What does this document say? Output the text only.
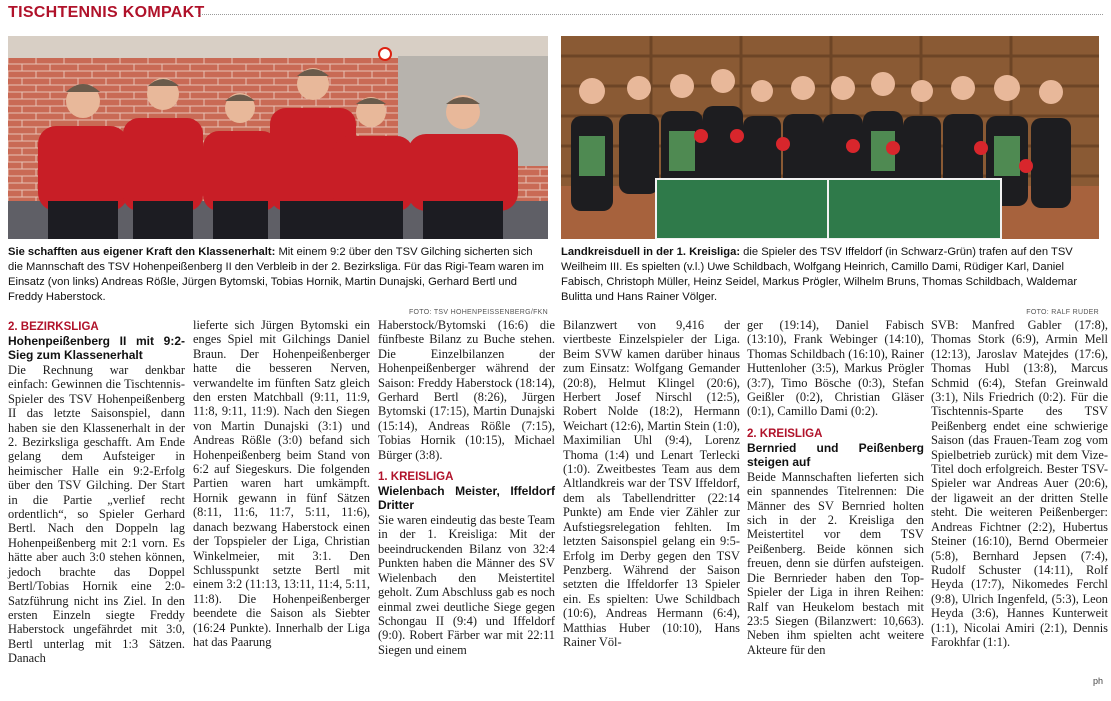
TISCHTENNIS KOMPAKT
Sie schafften aus eigener Kraft den Klassenerhalt: Mit einem 9:2 über den TSV Gilching sicherten sich die Mannschaft des TSV Hohenpeißenberg II den Verbleib in der 2. Bezirksliga. Für das Rigi-Team waren im Einsatz (von links) Andreas Rößle, Jürgen Bytomski, Tobias Hornik, Martin Dunajski, Gerhard Bertl und Freddy Haberstock.
FOTO: TSV HOHENPEISSENBERG/FKN
Landkreisduell in der 1. Kreisliga: die Spieler des TSV Iffeldorf (in Schwarz-Grün) trafen auf den TSV Weilheim III. Es spielten (v.l.) Uwe Schildbach, Wolfgang Heinrich, Camillo Dami, Rüdiger Karl, Daniel Fabisch, Christoph Müller, Heinz Seidel, Markus Prögler, Wilhelm Bruns, Thomas Schildbach, Waldemar Bulitta und Hans Rainer Völger.
FOTO: RALF RUDER
2. BEZIRKSLIGA
Hohenpeißenberg II mit 9:2-Sieg zum Klassenerhalt

Die Rechnung war denkbar einfach: Gewinnen die Tischtennis-Spieler des TSV Hohenpeißenberg II das letzte Saisonspiel, dann haben sie den Klassenerhalt in der 2. Bezirksliga geschafft. Am Ende gelang dem Aufsteiger in heimischer Halle ein 9:2-Erfolg über den TSV Gilching. Der Start in die Partie „verlief recht ordentlich“, so Spieler Gerhard Bertl. Nach den Doppeln lag Hohenpeißenberg mit 2:1 vorn. Es hätte aber auch 3:0 stehen können, jedoch brachte das Doppel Bertl/Tobias Hornik eine 2:0-Satzführung nicht ins Ziel. In den ersten Einzeln siegte Freddy Haberstock ungefährdet mit 3:0, Bertl unterlag mit 1:3 Sätzen. Danach

lieferte sich Jürgen Bytomski ein enges Spiel mit Gilchings Daniel Braun. Der Hohenpeißenberger hatte die besseren Nerven, verwandelte im fünften Satz gleich den ersten Matchball (9:11, 11:9, 11:8, 9:11, 11:9). Nach den Siegen von Martin Dunajski (3:1) und Andreas Rößle (3:0) befand sich Hohenpeißenberg beim Stand von 6:2 auf Siegeskurs. Die folgenden Partien waren hart umkämpft. Hornik gewann in fünf Sätzen (8:11, 11:6, 11:7, 5:11, 11:6), danach bezwang Haberstock einen der Topspieler der Liga, Christian Winkelmeier, mit 3:1. Den Schlusspunkt setzte Bertl mit einem 3:2 (11:13, 13:11, 11:4, 5:11, 11:8). Die Hohenpeißenberger beendete die Saison als Siebter (16:24 Punkte). Innerhalb der Liga hat das Paarung

Haberstock/Bytomski (16:6) die fünfbeste Bilanz zu Buche stehen. Die Einzelbilanzen der Hohenpeißenberger während der Saison: Freddy Haberstock (18:14), Gerhard Bertl (8:26), Jürgen Bytomski (17:15), Martin Dunajski (15:14), Andreas Rößle (7:15), Tobias Hornik (10:15), Michael Bürger (3:8).

1. KREISLIGA
Wielenbach Meister, Iffeldorf Dritter

Sie waren eindeutig das beste Team in der 1. Kreisliga: Mit der beeindruckenden Bilanz von 32:4 Punkten haben die Männer des SV Wielenbach den Meistertitel geholt. Zum Abschluss gab es noch einmal zwei deutliche Siege gegen Schongau II (9:4) und Iffeldorf (9:0). Robert Färber war mit 22:11 Siegen und einem

Bilanzwert von 9,416 der viertbeste Einzelspieler der Liga. Beim SVW kamen darüber hinaus zum Einsatz: Wolfgang Gemander (20:8), Helmut Klingel (20:6), Herbert Josef Nirschl (12:5), Robert Nolde (18:2), Hermann Weichart (12:6), Martin Stein (1:0), Maximilian Uhl (9:4), Lorenz Thoma (1:4) und Lenart Terlecki (1:0). Zweitbestes Team aus dem Altlandkreis war der TSV Iffeldorf, dem als Tabellendritter (22:14 Punkte) am Ende vier Zähler zur Aufstiegsrelegation fehlten. Im letzten Saisonspiel gelang ein 9:5-Erfolg im Derby gegen den TSV Penzberg. Während der Saison setzten die Iffeldorfer 13 Spieler ein. Es spielten: Uwe Schildbach (10:6), Andreas Hermann (6:4), Matthias Huber (10:10), Hans Rainer Völ-

ger (19:14), Daniel Fabisch (13:10), Frank Webinger (14:10), Thomas Schildbach (16:10), Rainer Huttenloher (3:5), Markus Prögler (3:7), Timo Bösche (0:3), Stefan Geißler (0:2), Christian Gläser (0:1), Camillo Dami (0:2).

2. KREISLIGA
Bernried und Peißenberg steigen auf

Beide Mannschaften lieferten sich ein spannendes Titelrennen: Die Männer des SV Bernried holten sich in der 2. Kreisliga den Meistertitel vor dem TSV Peißenberg. Beide können sich freuen, denn sie dürfen aufsteigen. Die Bernrieder haben den Top-Spieler der Liga in ihren Reihen: Ralf van Heukelom bestach mit 23:5 Siegen (Bilanzwert: 10,663). Neben ihm spielten acht weitere Akteure für den

SVB: Manfred Gabler (17:8), Thomas Stork (6:9), Armin Mell (12:13), Jaroslav Matejdes (17:6), Thomas Hubl (13:8), Marcus Schmid (6:4), Stefan Greinwald (3:1), Nils Friedrich (0:2). Für die Tischtennis-Sparte des TSV Peißenberg endet eine schwierige Saison (das Frauen-Team zog vom Spielbetrieb zurück) mit dem Vize-Titel doch erfolgreich. Bester TSV-Spieler war Andreas Auer (20:6), der ligaweit an der dritten Stelle steht. Die weiteren Peißenberger: Andreas Fichtner (2:2), Hubertus Steiner (16:10), Bernd Obermeier (5:8), Bernhard Jepsen (7:4), Rudolf Schuster (14:11), Rolf Heyda (17:7), Nikomedes Ferchl (9:8), Ulrich Ingenfeld, (5:3), Leon Heyda (3:6), Hannes Kunterweit (1:1), Nicolai Amiri (2:1), Dennis Farokhfar (1:1).

ph
